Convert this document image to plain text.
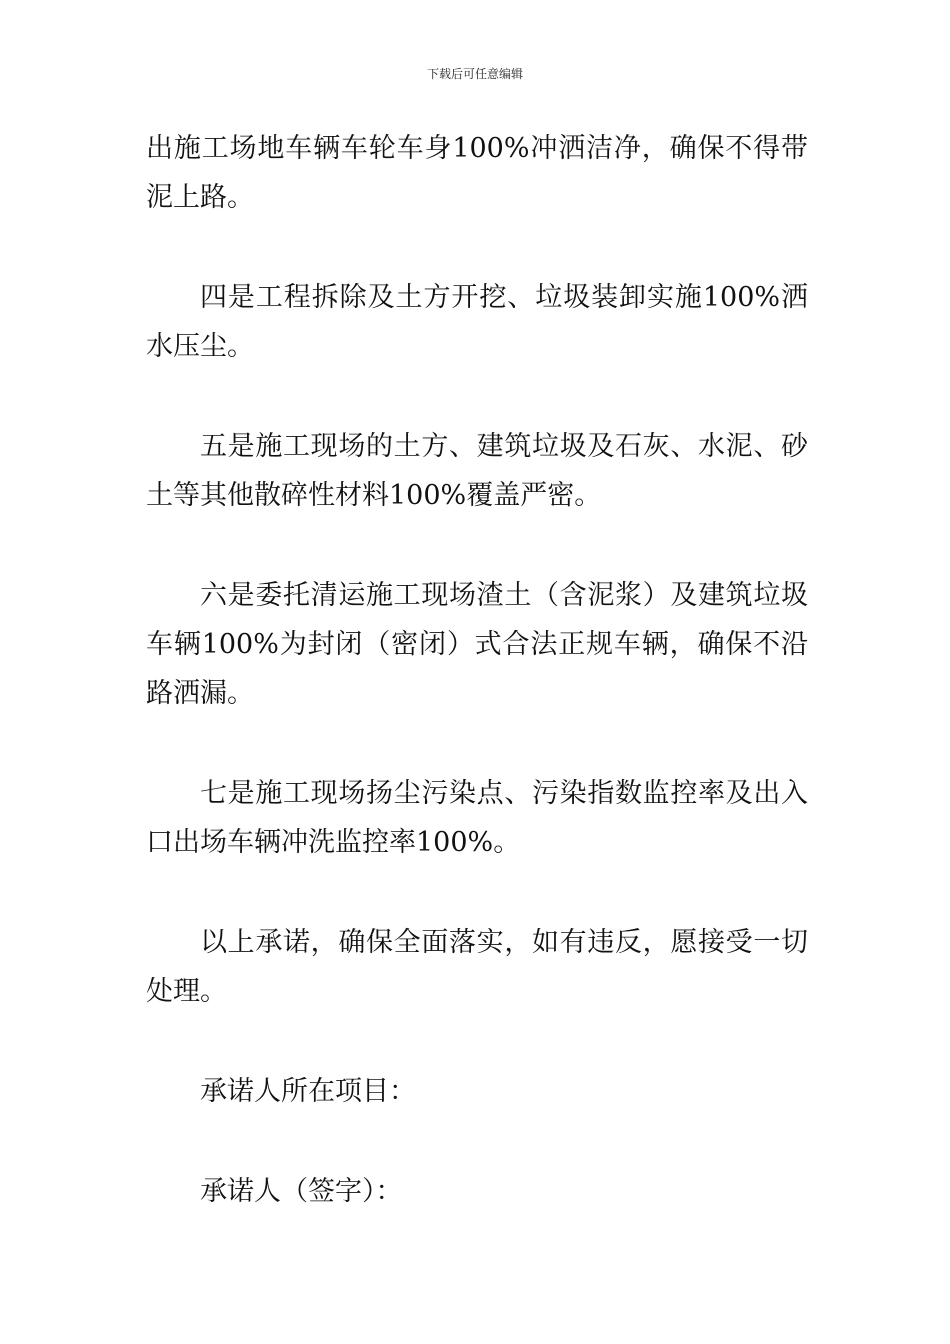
下载后可任意编辑

出施工场地车辆车轮车身100%冲洒洁净，确保不得带泥上路。

四是工程拆除及土方开挖、垃圾装卸实施100%洒水压尘。

五是施工现场的土方、建筑垃圾及石灰、水泥、砂土等其他散碎性材料100%覆盖严密。

六是委托清运施工现场渣土（含泥浆）及建筑垃圾车辆100%为封闭（密闭）式合法正规车辆，确保不沿路洒漏。

七是施工现场扬尘污染点、污染指数监控率及出入口出场车辆冲洗监控率100%。

以上承诺，确保全面落实，如有违反，愿接受一切处理。

承诺人所在项目：

承诺人（签字）：
